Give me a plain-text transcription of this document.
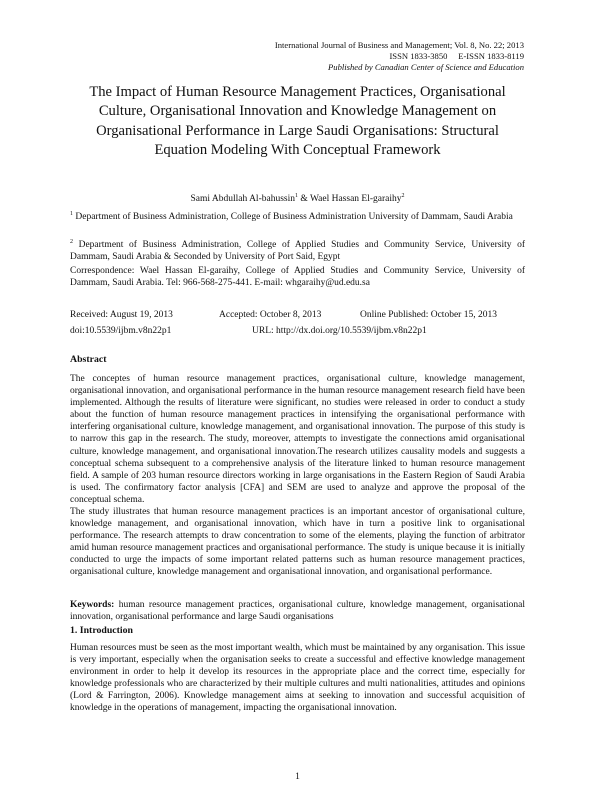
International Journal of Business and Management; Vol. 8, No. 22; 2013
ISSN 1833-3850     E-ISSN 1833-8119
Published by Canadian Center of Science and Education
The Impact of Human Resource Management Practices, Organisational Culture, Organisational Innovation and Knowledge Management on Organisational Performance in Large Saudi Organisations: Structural Equation Modeling With Conceptual Framework
Sami Abdullah Al-bahussin$^1$ & Wael Hassan El-garaihy$^2$
$^1$ Department of Business Administration, College of Business Administration University of Dammam, Saudi Arabia
$^2$ Department of Business Administration, College of Applied Studies and Community Service, University of Dammam, Saudi Arabia & Seconded by University of Port Said, Egypt
Correspondence: Wael Hassan El-garaihy, College of Applied Studies and Community Service, University of Dammam, Saudi Arabia. Tel: 966-568-275-441. E-mail: whgaraihy@ud.edu.sa
Received: August 19, 2013	Accepted: October 8, 2013	Online Published: October 15, 2013
doi:10.5539/ijbm.v8n22p1	URL: http://dx.doi.org/10.5539/ijbm.v8n22p1
Abstract
The conceptes of human resource management practices, organisational culture, knowledge management, organisational innovation, and organisational performance in the human resource management research field have been implemented. Although the results of literature were significant, no studies were released in order to conduct a study about the function of human resource management practices in intensifying the organisational performance with interfering organisational culture, knowledge management, and organisational innovation. The purpose of this study is to narrow this gap in the research. The study, moreover, attempts to investigate the connections amid organisational culture, knowledge management, and organisational innovation.The research utilizes causality models and suggests a conceptual schema subsequent to a comprehensive analysis of the literature linked to human resource management field. A sample of 203 human resource directors working in large organisations in the Eastern Region of Saudi Arabia is used. The confirmatory factor analysis [CFA] and SEM are used to analyze and approve the proposal of the conceptual schema.
The study illustrates that human resource management practices is an important ancestor of organisational culture, knowledge management, and organisational innovation, which have in turn a positive link to organisational performance. The research attempts to draw concentration to some of the elements, playing the function of arbitrator amid human resource management practices and organisational performance. The study is unique because it is initially conducted to urge the impacts of some important related patterns such as human resource management practices, organisational culture, knowledge management and organisational innovation, and organisational performance.
Keywords: human resource management practices, organisational culture, knowledge management, organisational innovation, organisational performance and large Saudi organisations
1. Introduction
Human resources must be seen as the most important wealth, which must be maintained by any organisation. This issue is very important, especially when the organisation seeks to create a successful and effective knowledge management environment in order to help it develop its resources in the appropriate place and the correct time, especially for knowledge professionals who are characterized by their multiple cultures and multi nationalities, attitudes and opinions (Lord & Farrington, 2006). Knowledge management aims at seeking to innovation and successful acquisition of knowledge in the operations of management, impacting the organisational innovation.
1
